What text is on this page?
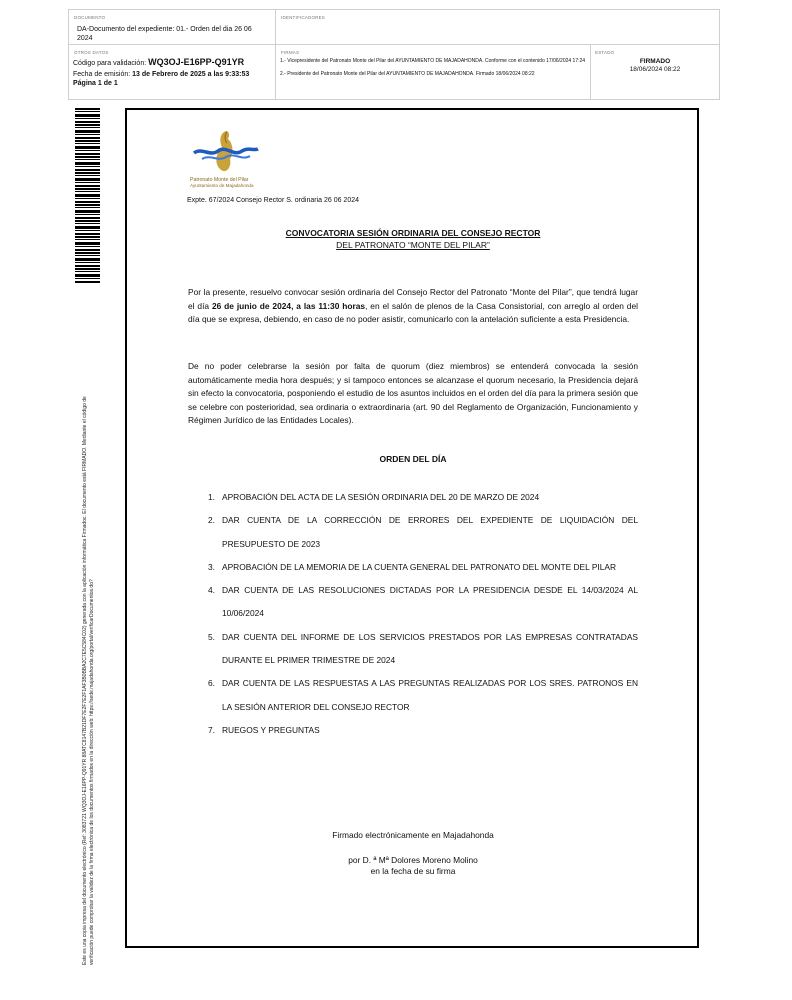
DOCUMENTO
DA-Documento del expediente: 01.- Orden del dia 26 06 2024
IDENTIFICADORES
OTROS DATOS
Código para validación: WQ3OJ-E16PP-Q91YR
Fecha de emisión: 13 de Febrero de 2025 a las 9:33:53
Página 1 de 1
FIRMAS
1.- Vicepresidente del Patronato Monte del Pilar del AYUNTAMIENTO DE MAJADAHONDA. Conforme con el contenido 17/06/2024 17:24
2.- Presidente del Patronato Monte del Pilar del AYUNTAMIENTO DE MAJADAHONDA. Firmado 18/06/2024 08:22
ESTADO
FIRMADO
18/06/2024 08:22
Este es una copia impresa del documento electrónico (Ref: 3083721 WQ3OJ-E16PP-Q91YR 88ATC8147B21DF7E2F7E2F1AF3B0BBA2C7E5C584C02) generada con la aplicación informática Firmadoc. El documento está FIRMADO. Mediante el código de verificación puede comprobar la validez de la firma electrónica de los documentos firmados en la dirección web: https://sede.majadahonda.org/portal/verificarDocumentos.do?
Patronato Monte del Pilar
Ayuntamiento de Majadahonda
Expte. 67/2024 Consejo Rector S. ordinaria 26 06 2024
CONVOCATORIA SESIÓN ORDINARIA DEL CONSEJO RECTOR
DEL PATRONATO “MONTE DEL PILAR”
Por la presente, resuelvo convocar sesión ordinaria del Consejo Rector del Patronato “Monte del Pilar”, que tendrá lugar el día 26 de junio de 2024, a las 11:30 horas, en el salón de plenos de la Casa Consistorial, con arreglo al orden del día que se expresa, debiendo, en caso de no poder asistir, comunicarlo con la antelación suficiente a esta Presidencia.
De no poder celebrarse la sesión por falta de quorum (diez miembros) se entenderá convocada la sesión automáticamente media hora después; y si tampoco entonces se alcanzase el quorum necesario, la Presidencia dejará sin efecto la convocatoria, posponiendo el estudio de los asuntos incluidos en el orden del día para la primera sesión que se celebre con posterioridad, sea ordinaria o extraordinaria (art. 90 del Reglamento de Organización, Funcionamiento y Régimen Jurídico de las Entidades Locales).
ORDEN DEL DÍA
1. APROBACIÓN DEL ACTA DE LA SESIÓN ORDINARIA DEL 20 DE MARZO DE 2024
2. DAR CUENTA DE LA CORRECCIÓN DE ERRORES DEL EXPEDIENTE DE LIQUIDACIÓN DEL PRESUPUESTO DE 2023
3. APROBACIÓN DE LA MEMORIA DE LA CUENTA GENERAL DEL PATRONATO DEL MONTE DEL PILAR
4. DAR CUENTA DE LAS RESOLUCIONES DICTADAS POR LA PRESIDENCIA DESDE EL 14/03/2024 AL 10/06/2024
5. DAR CUENTA DEL INFORME DE LOS SERVICIOS PRESTADOS POR LAS EMPRESAS CONTRATADAS DURANTE EL PRIMER TRIMESTRE DE 2024
6. DAR CUENTA DE LAS RESPUESTAS A LAS PREGUNTAS REALIZADAS POR LOS SRES. PATRONOS EN LA SESIÓN ANTERIOR DEL CONSEJO RECTOR
7. RUEGOS Y PREGUNTAS
Firmado electrónicamente en Majadahonda
por D. ª Mª Dolores Moreno Molino
en la fecha de su firma
